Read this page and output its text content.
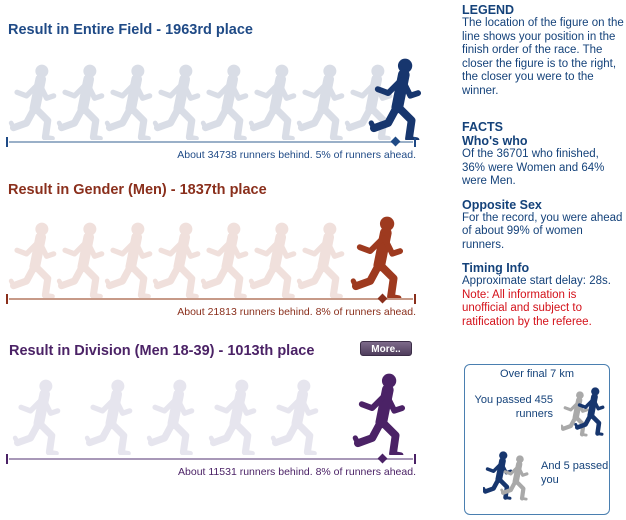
Result in Entire Field - 1963rd place
About 34738 runners behind. 5% of runners ahead.
Result in Gender (Men) - 1837th place
About 21813 runners behind. 8% of runners ahead.
Result in Division (Men 18-39) - 1013th place
About 11531 runners behind. 8% of runners ahead.
More..
LEGEND
The location of the figure on the line shows your position in the finish order of the race. The closer the figure is to the right, the closer you were to the winner.
FACTS
Who's who
Of the 36701 who finished, 36% were Women and 64% were Men.
Opposite Sex
For the record, you were ahead of about 99% of women runners.
Timing Info
Approximate start delay: 28s.
Note: All information is unofficial and subject to ratification by the referee.
Over final 7 km
You passed 455 runners
And 5 passed you
